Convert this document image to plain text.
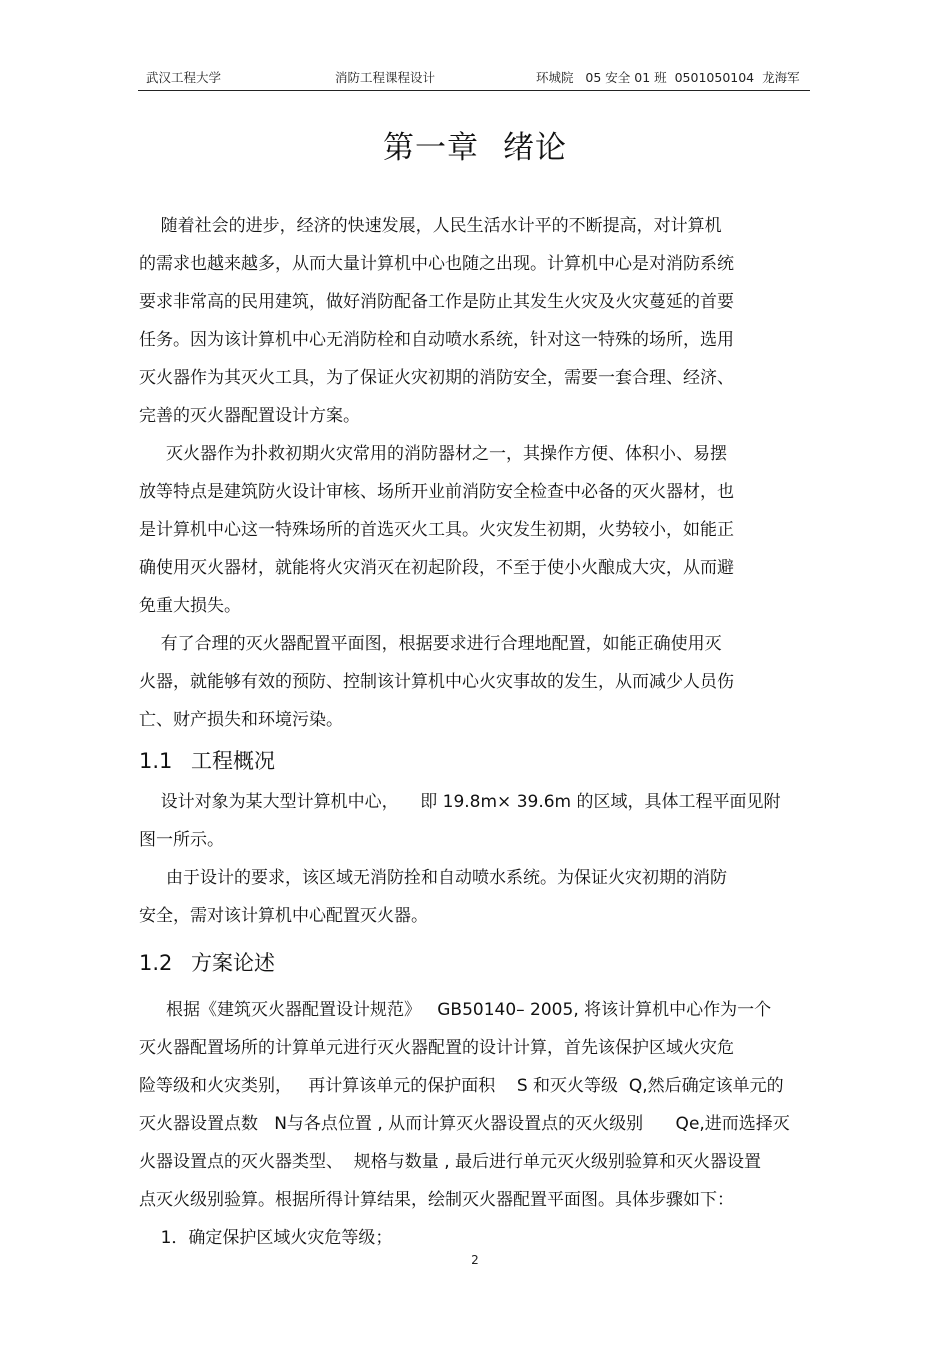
武汉工程大学	消防工程课程设计	环城院   05 安全 01 班  0501050104  龙海军
第一章 绪论
随着社会的进步，经济的快速发展，人民生活水计平的不断提高，对计算机
的需求也越来越多，从而大量计算机中心也随之出现。计算机中心是对消防系统
要求非常高的民用建筑，做好消防配备工作是防止其发生火灾及火灾蔓延的首要
任务。因为该计算机中心无消防栓和自动喷水系统，针对这一特殊的场所，选用
灭火器作为其灭火工具，为了保证火灾初期的消防安全，需要一套合理、经济、
完善的灭火器配置设计方案。
灭火器作为扑救初期火灾常用的消防器材之一，其操作方便、体积小、易摆
放等特点是建筑防火设计审核、场所开业前消防安全检查中必备的灭火器材，也
是计算机中心这一特殊场所的首选灭火工具。火灾发生初期，火势较小，如能正
确使用灭火器材，就能将火灾消灭在初起阶段，不至于使小火酿成大灾，从而避
免重大损失。
有了合理的灭火器配置平面图，根据要求进行合理地配置，如能正确使用灭
火器，就能够有效的预防、控制该计算机中心火灾事故的发生，从而减少人员伤
亡、财产损失和环境污染。
1.1 工程概况
设计对象为某大型计算机中心，    即 19.8m× 39.6m 的区域，具体工程平面见附
图一所示。
由于设计的要求，该区域无消防拴和自动喷水系统。为保证火灾初期的消防
安全，需对该计算机中心配置灭火器。
1.2 方案论述
根据《建筑灭火器配置设计规范》   GB50140– 2005, 将该计算机中心作为一个
灭火器配置场所的计算单元进行灭火器配置的设计计算，首先该保护区域火灾危
险等级和火灾类别，   再计算该单元的保护面积    S 和灭火等级  Q,然后确定该单元的
灭火器设置点数   N与各点位置 , 从而计算灭火器设置点的灭火级别      Qe,进而选择灭
火器设置点的灭火器类型、  规格与数量 , 最后进行单元灭火级别验算和灭火器设置
点灭火级别验算。根据所得计算结果，绘制灭火器配置平面图。具体步骤如下：
1．确定保护区域火灾危等级；
2
